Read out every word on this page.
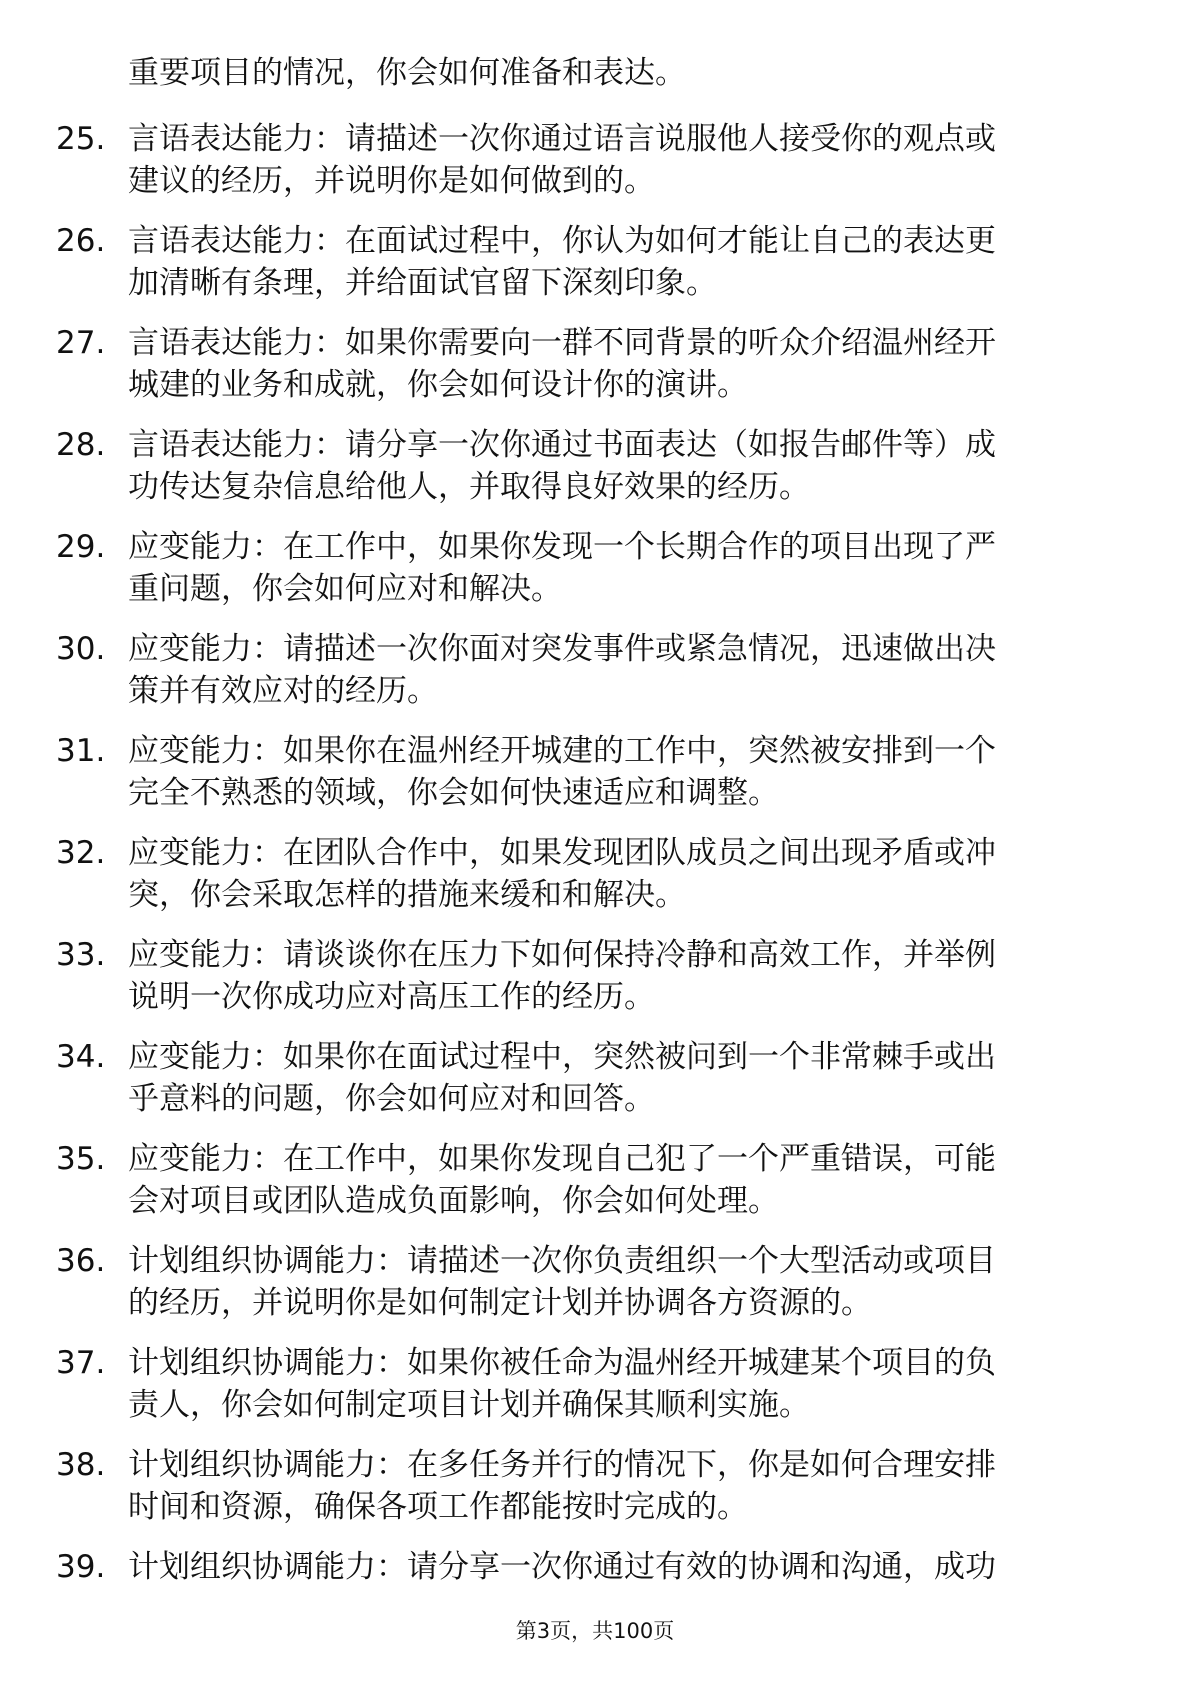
重要项目的情况，你会如何准备和表达。
25. 言语表达能力：请描述一次你通过语言说服他人接受你的观点或
建议的经历，并说明你是如何做到的。
26. 言语表达能力：在面试过程中，你认为如何才能让自己的表达更
加清晰有条理，并给面试官留下深刻印象。
27. 言语表达能力：如果你需要向一群不同背景的听众介绍温州经开
城建的业务和成就，你会如何设计你的演讲。
28. 言语表达能力：请分享一次你通过书面表达（如报告邮件等）成
功传达复杂信息给他人，并取得良好效果的经历。
29. 应变能力：在工作中，如果你发现一个长期合作的项目出现了严
重问题，你会如何应对和解决。
30. 应变能力：请描述一次你面对突发事件或紧急情况，迅速做出决
策并有效应对的经历。
31. 应变能力：如果你在温州经开城建的工作中，突然被安排到一个
完全不熟悉的领域，你会如何快速适应和调整。
32. 应变能力：在团队合作中，如果发现团队成员之间出现矛盾或冲
突，你会采取怎样的措施来缓和和解决。
33. 应变能力：请谈谈你在压力下如何保持冷静和高效工作，并举例
说明一次你成功应对高压工作的经历。
34. 应变能力：如果你在面试过程中，突然被问到一个非常棘手或出
乎意料的问题，你会如何应对和回答。
35. 应变能力：在工作中，如果你发现自己犯了一个严重错误，可能
会对项目或团队造成负面影响，你会如何处理。
36. 计划组织协调能力：请描述一次你负责组织一个大型活动或项目
的经历，并说明你是如何制定计划并协调各方资源的。
37. 计划组织协调能力：如果你被任命为温州经开城建某个项目的负
责人，你会如何制定项目计划并确保其顺利实施。
38. 计划组织协调能力：在多任务并行的情况下，你是如何合理安排
时间和资源，确保各项工作都能按时完成的。
39. 计划组织协调能力：请分享一次你通过有效的协调和沟通，成功
第3页，共100页
